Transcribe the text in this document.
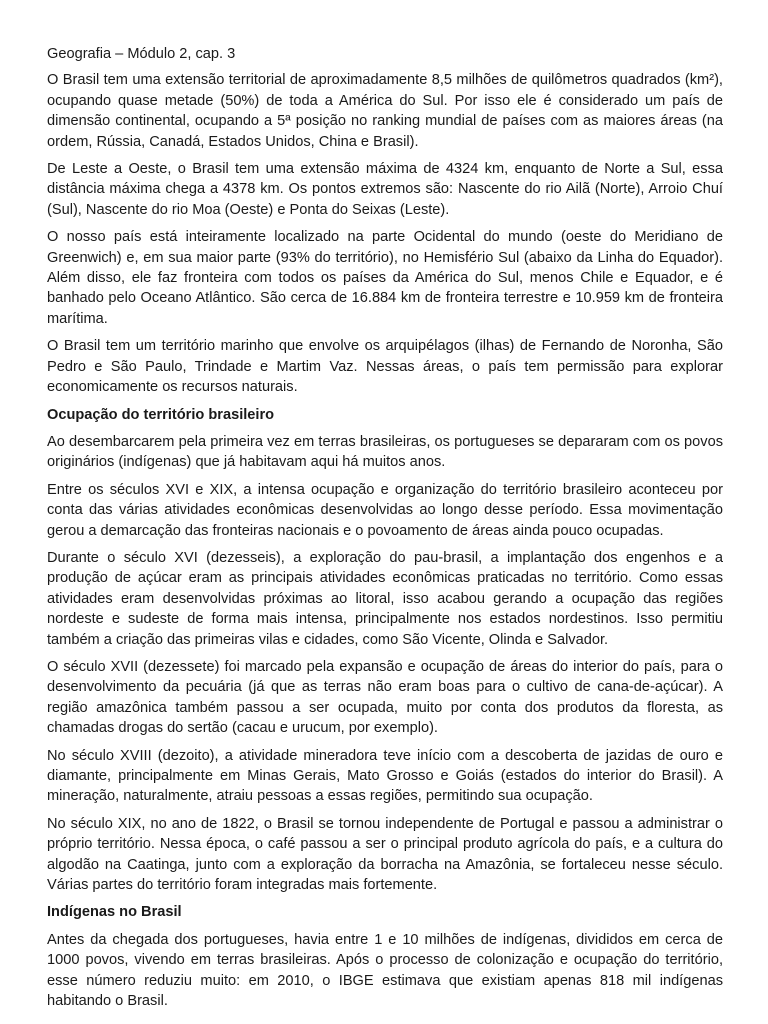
Geografia – Módulo 2, cap. 3

O Brasil tem uma extensão territorial de aproximadamente 8,5 milhões de quilômetros quadrados (km²), ocupando quase metade (50%) de toda a América do Sul. Por isso ele é considerado um país de dimensão continental, ocupando a 5ª posição no ranking mundial de países com as maiores áreas (na ordem, Rússia, Canadá, Estados Unidos, China e Brasil).

De Leste a Oeste, o Brasil tem uma extensão máxima de 4324 km, enquanto de Norte a Sul, essa distância máxima chega a 4378 km. Os pontos extremos são: Nascente do rio Ailã (Norte), Arroio Chuí (Sul), Nascente do rio Moa (Oeste) e Ponta do Seixas (Leste).

O nosso país está inteiramente localizado na parte Ocidental do mundo (oeste do Meridiano de Greenwich) e, em sua maior parte (93% do território), no Hemisfério Sul (abaixo da Linha do Equador). Além disso, ele faz fronteira com todos os países da América do Sul, menos Chile e Equador, e é banhado pelo Oceano Atlântico. São cerca de 16.884 km de fronteira terrestre e 10.959 km de fronteira marítima.

O Brasil tem um território marinho que envolve os arquipélagos (ilhas) de Fernando de Noronha, São Pedro e São Paulo, Trindade e Martim Vaz. Nessas áreas, o país tem permissão para explorar economicamente os recursos naturais.

Ocupação do território brasileiro

Ao desembarcarem pela primeira vez em terras brasileiras, os portugueses se depararam com os povos originários (indígenas) que já habitavam aqui há muitos anos.

Entre os séculos XVI e XIX, a intensa ocupação e organização do território brasileiro aconteceu por conta das várias atividades econômicas desenvolvidas ao longo desse período. Essa movimentação gerou a demarcação das fronteiras nacionais e o povoamento de áreas ainda pouco ocupadas.

Durante o século XVI (dezesseis), a exploração do pau-brasil, a implantação dos engenhos e a produção de açúcar eram as principais atividades econômicas praticadas no território. Como essas atividades eram desenvolvidas próximas ao litoral, isso acabou gerando a ocupação das regiões nordeste e sudeste de forma mais intensa, principalmente nos estados nordestinos. Isso permitiu também a criação das primeiras vilas e cidades, como São Vicente, Olinda e Salvador.

O século XVII (dezessete) foi marcado pela expansão e ocupação de áreas do interior do país, para o desenvolvimento da pecuária (já que as terras não eram boas para o cultivo de cana-de-açúcar). A região amazônica também passou a ser ocupada, muito por conta dos produtos da floresta, as chamadas drogas do sertão (cacau e urucum, por exemplo).

No século XVIII (dezoito), a atividade mineradora teve início com a descoberta de jazidas de ouro e diamante, principalmente em Minas Gerais, Mato Grosso e Goiás (estados do interior do Brasil). A mineração, naturalmente, atraiu pessoas a essas regiões, permitindo sua ocupação.

No século XIX, no ano de 1822, o Brasil se tornou independente de Portugal e passou a administrar o próprio território. Nessa época, o café passou a ser o principal produto agrícola do país, e a cultura do algodão na Caatinga, junto com a exploração da borracha na Amazônia, se fortaleceu nesse século. Várias partes do território foram integradas mais fortemente.

Indígenas no Brasil

Antes da chegada dos portugueses, havia entre 1 e 10 milhões de indígenas, divididos em cerca de 1000 povos, vivendo em terras brasileiras. Após o processo de colonização e ocupação do território, esse número reduziu muito: em 2010, o IBGE estimava que existiam apenas 818 mil indígenas habitando o Brasil.
